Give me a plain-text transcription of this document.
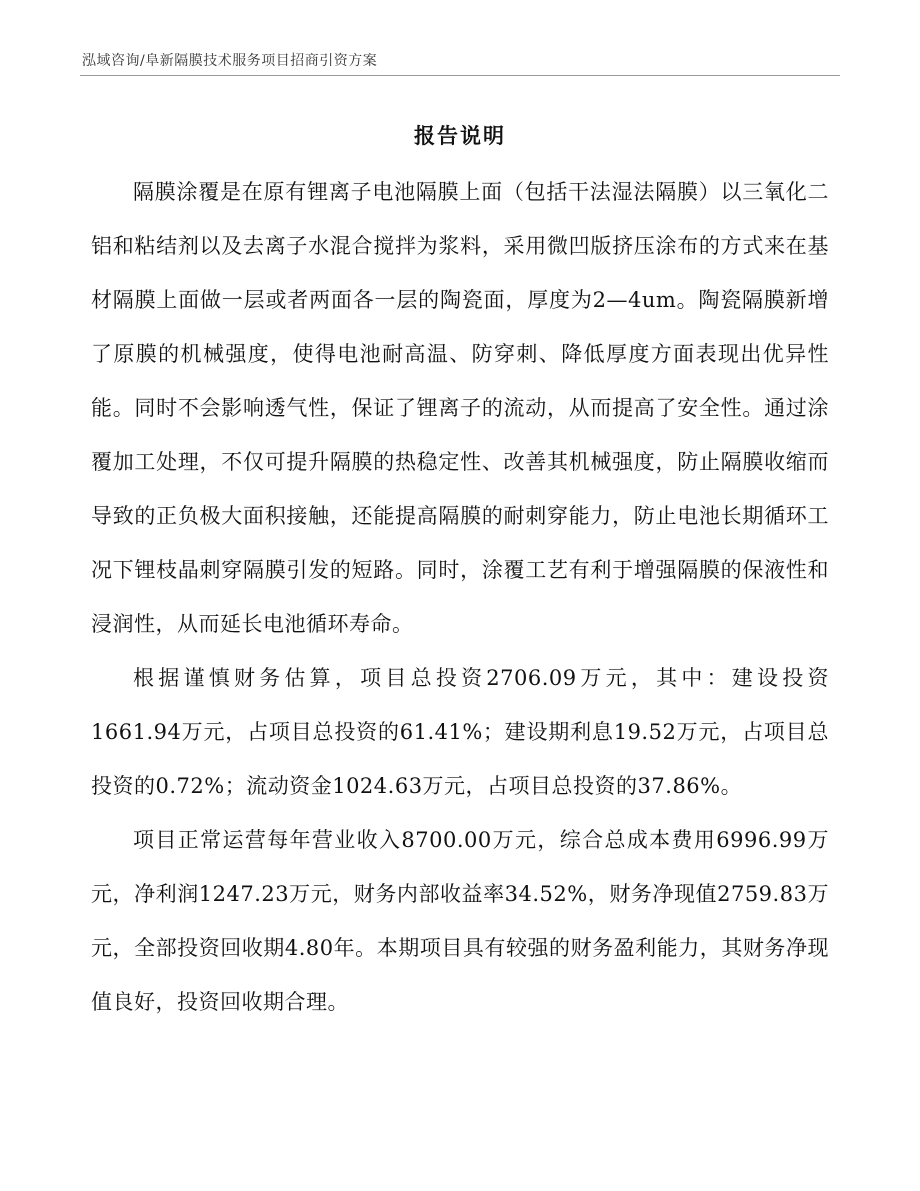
泓域咨询/阜新隔膜技术服务项目招商引资方案
报告说明

隔膜涂覆是在原有锂离子电池隔膜上面（包括干法湿法隔膜）以三氧化二铝和粘结剂以及去离子水混合搅拌为浆料，采用微凹版挤压涂布的方式来在基材隔膜上面做一层或者两面各一层的陶瓷面，厚度为2—4um。陶瓷隔膜新增了原膜的机械强度，使得电池耐高温、防穿刺、降低厚度方面表现出优异性能。同时不会影响透气性，保证了锂离子的流动，从而提高了安全性。通过涂覆加工处理，不仅可提升隔膜的热稳定性、改善其机械强度，防止隔膜收缩而导致的正负极大面积接触，还能提高隔膜的耐刺穿能力，防止电池长期循环工况下锂枝晶刺穿隔膜引发的短路。同时，涂覆工艺有利于增强隔膜的保液性和浸润性，从而延长电池循环寿命。

根据谨慎财务估算，项目总投资2706.09万元，其中：建设投资1661.94万元，占项目总投资的61.41%；建设期利息19.52万元，占项目总投资的0.72%；流动资金1024.63万元，占项目总投资的37.86%。

项目正常运营每年营业收入8700.00万元，综合总成本费用6996.99万元，净利润1247.23万元，财务内部收益率34.52%，财务净现值2759.83万元，全部投资回收期4.80年。本期项目具有较强的财务盈利能力，其财务净现值良好，投资回收期合理。
